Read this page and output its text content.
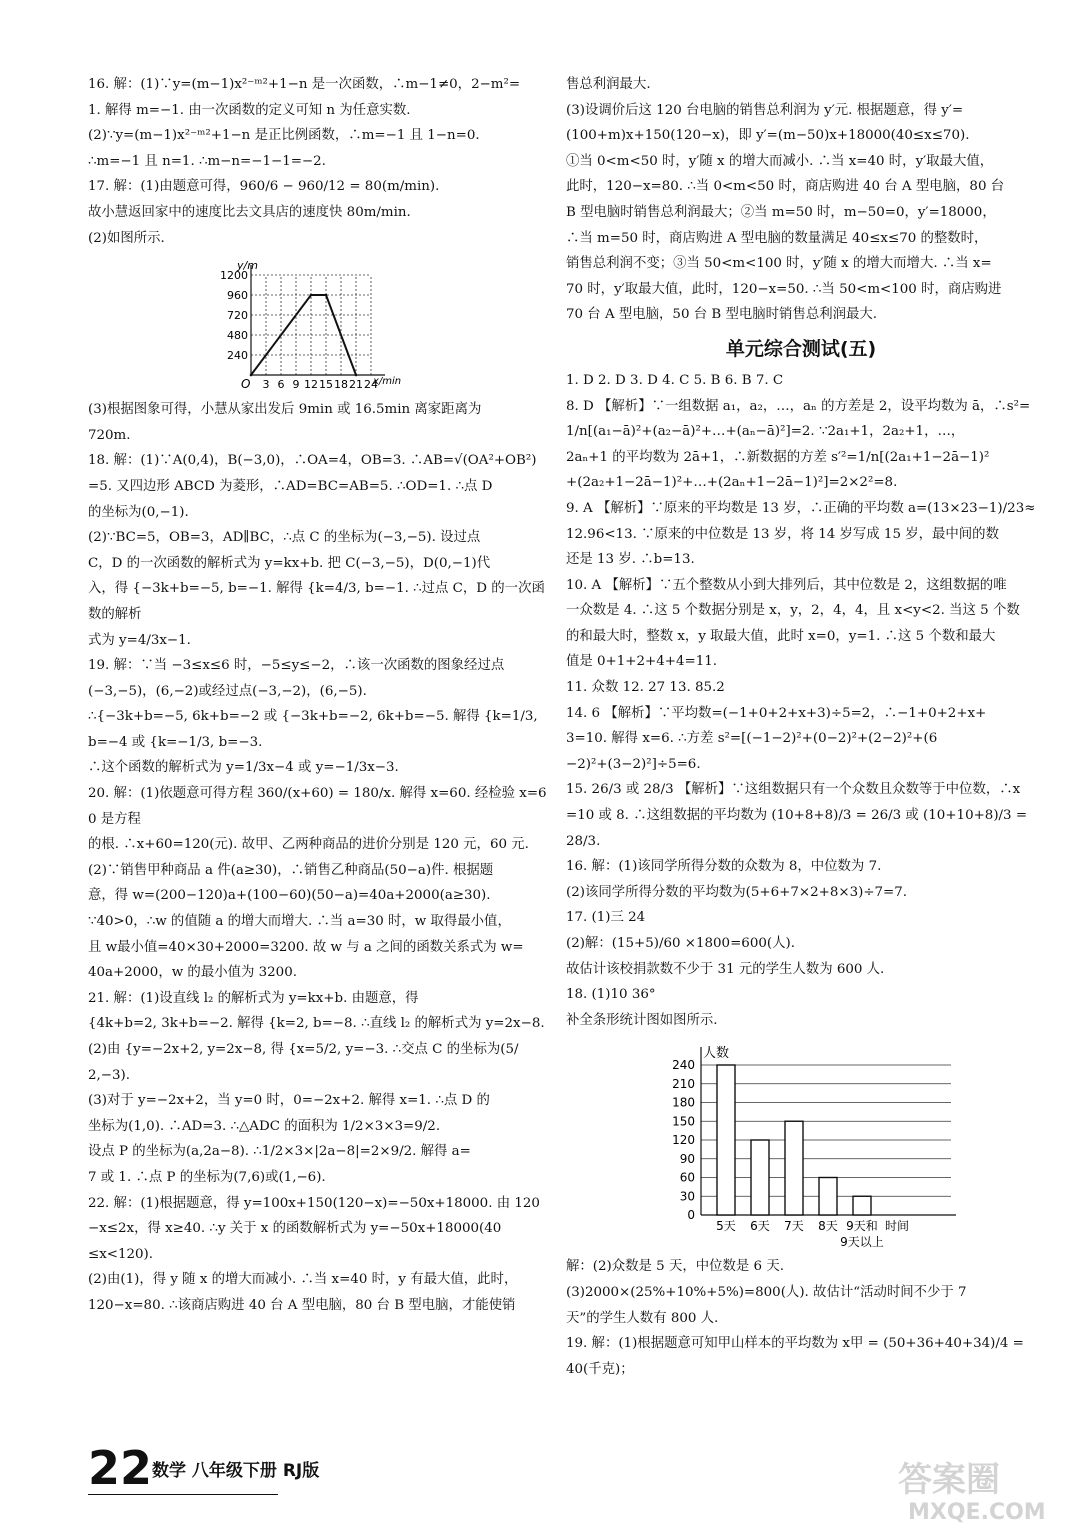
16. 解：(1)∵y=(m−1)x²⁻ᵐ²+1−n 是一次函数，∴m−1≠0，2−m²=

1. 解得 m=−1. 由一次函数的定义可知 n 为任意实数.

(2)∵y=(m−1)x²⁻ᵐ²+1−n 是正比例函数，∴m=−1 且 1−n=0.

∴m=−1 且 n=1. ∴m−n=−1−1=−2.

17. 解：(1)由题意可得，960/6 − 960/12 = 80(m/min).

故小慧返回家中的速度比去文具店的速度快 80m/min.

(2)如图所示.

1200
960
720
480
240
3 6 9 12 15 18 21 24
O
y/m
x/min

(3)根据图象可得，小慧从家出发后 9min 或 16.5min 离家距离为

720m.

18. 解：(1)∵A(0,4)，B(−3,0)，∴OA=4，OB=3. ∴AB=√(OA²+OB²)

=5. 又四边形 ABCD 为菱形，∴AD=BC=AB=5. ∴OD=1. ∴点 D

的坐标为(0,−1).

(2)∵BC=5，OB=3，AD∥BC，∴点 C 的坐标为(−3,−5). 设过点

C，D 的一次函数的解析式为 y=kx+b. 把 C(−3,−5)，D(0,−1)代

入，得 {−3k+b=−5, b=−1. 解得 {k=4/3, b=−1. ∴过点 C，D 的一次函数的解析

式为 y=4/3x−1.

19. 解：∵当 −3≤x≤6 时，−5≤y≤−2，∴该一次函数的图象经过点

(−3,−5)，(6,−2)或经过点(−3,−2)，(6,−5).

∴{−3k+b=−5, 6k+b=−2 或 {−3k+b=−2, 6k+b=−5. 解得 {k=1/3, b=−4 或 {k=−1/3, b=−3.

∴这个函数的解析式为 y=1/3x−4 或 y=−1/3x−3.

20. 解：(1)依题意可得方程 360/(x+60) = 180/x. 解得 x=60. 经检验 x=60 是方程

的根. ∴x+60=120(元). 故甲、乙两种商品的进价分别是 120 元，60 元.

(2)∵销售甲种商品 a 件(a≥30)，∴销售乙种商品(50−a)件. 根据题

意，得 w=(200−120)a+(100−60)(50−a)=40a+2000(a≥30).

∵40>0，∴w 的值随 a 的增大而增大. ∴当 a=30 时，w 取得最小值，

且 w最小值=40×30+2000=3200. 故 w 与 a 之间的函数关系式为 w=

40a+2000，w 的最小值为 3200.

21. 解：(1)设直线 l₂ 的解析式为 y=kx+b. 由题意，得

{4k+b=2, 3k+b=−2. 解得 {k=2, b=−8. ∴直线 l₂ 的解析式为 y=2x−8.

(2)由 {y=−2x+2, y=2x−8, 得 {x=5/2, y=−3. ∴交点 C 的坐标为(5/2,−3).

(3)对于 y=−2x+2，当 y=0 时，0=−2x+2. 解得 x=1. ∴点 D 的

坐标为(1,0). ∴AD=3. ∴△ADC 的面积为 1/2×3×3=9/2.

设点 P 的坐标为(a,2a−8). ∴1/2×3×|2a−8|=2×9/2. 解得 a=

7 或 1. ∴点 P 的坐标为(7,6)或(1,−6).

22. 解：(1)根据题意，得 y=100x+150(120−x)=−50x+18000. 由 120

−x≤2x，得 x≥40. ∴y 关于 x 的函数解析式为 y=−50x+18000(40

≤x<120).

(2)由(1)，得 y 随 x 的增大而减小. ∴当 x=40 时，y 有最大值，此时，

120−x=80. ∴该商店购进 40 台 A 型电脑，80 台 B 型电脑，才能使销

售总利润最大.

(3)设调价后这 120 台电脑的销售总利润为 y′元. 根据题意，得 y′=

(100+m)x+150(120−x)，即 y′=(m−50)x+18000(40≤x≤70).

①当 0<m<50 时，y′随 x 的增大而减小. ∴当 x=40 时，y′取最大值，

此时，120−x=80. ∴当 0<m<50 时，商店购进 40 台 A 型电脑，80 台

B 型电脑时销售总利润最大；②当 m=50 时，m−50=0，y′=18000，

∴当 m=50 时，商店购进 A 型电脑的数量满足 40≤x≤70 的整数时，

销售总利润不变；③当 50<m<100 时，y′随 x 的增大而增大. ∴当 x=

70 时，y′取最大值，此时，120−x=50. ∴当 50<m<100 时，商店购进

70 台 A 型电脑，50 台 B 型电脑时销售总利润最大.

单元综合测试(五)

1. D 2. D 3. D 4. C 5. B 6. B 7. C

8. D 【解析】∵一组数据 a₁，a₂，…，aₙ 的方差是 2，设平均数为 ā，∴s²=

1/n[(a₁−ā)²+(a₂−ā)²+…+(aₙ−ā)²]=2. ∵2a₁+1，2a₂+1，…，

2aₙ+1 的平均数为 2ā+1，∴新数据的方差 s′²=1/n[(2a₁+1−2ā−1)²

+(2a₂+1−2ā−1)²+…+(2aₙ+1−2ā−1)²]=2×2²=8.

9. A 【解析】∵原来的平均数是 13 岁，∴正确的平均数 a=(13×23−1)/23≈

12.96<13. ∵原来的中位数是 13 岁，将 14 岁写成 15 岁，最中间的数

还是 13 岁. ∴b=13.

10. A 【解析】∵五个整数从小到大排列后，其中位数是 2，这组数据的唯

一众数是 4. ∴这 5 个数据分别是 x，y，2，4，4，且 x<y<2. 当这 5 个数

的和最大时，整数 x，y 取最大值，此时 x=0，y=1. ∴这 5 个数和最大

值是 0+1+2+4+4=11.

11. 众数 12. 27 13. 85.2

14. 6 【解析】∵平均数=(−1+0+2+x+3)÷5=2，∴−1+0+2+x+

3=10. 解得 x=6. ∴方差 s²=[(−1−2)²+(0−2)²+(2−2)²+(6

−2)²+(3−2)²]÷5=6.

15. 26/3 或 28/3 【解析】∵这组数据只有一个众数且众数等于中位数，∴x

=10 或 8. ∴这组数据的平均数为 (10+8+8)/3 = 26/3 或 (10+10+8)/3 = 28/3.

16. 解：(1)该同学所得分数的众数为 8，中位数为 7.

(2)该同学所得分数的平均数为(5+6+7×2+8×3)÷7=7.

17. (1)三 24

(2)解：(15+5)/60 ×1800=600(人).

故估计该校捐款数不少于 31 元的学生人数为 600 人.

18. (1)10 36°

补全条形统计图如图所示.

240
210
180
150
120
90
60
30
0
人数
5天 6天 7天 8天 9天和
9天以上
时间

解：(2)众数是 5 天，中位数是 6 天.

(3)2000×(25%+10%+5%)=800(人). 故估计“活动时间不少于 7

天”的学生人数有 800 人.

19. 解：(1)根据题意可知甲山样本的平均数为 x甲 = (50+36+40+34)/4 =

40(千克)；

22 数学 八年级下册 RJ版	答案圈
MXQE.COM
